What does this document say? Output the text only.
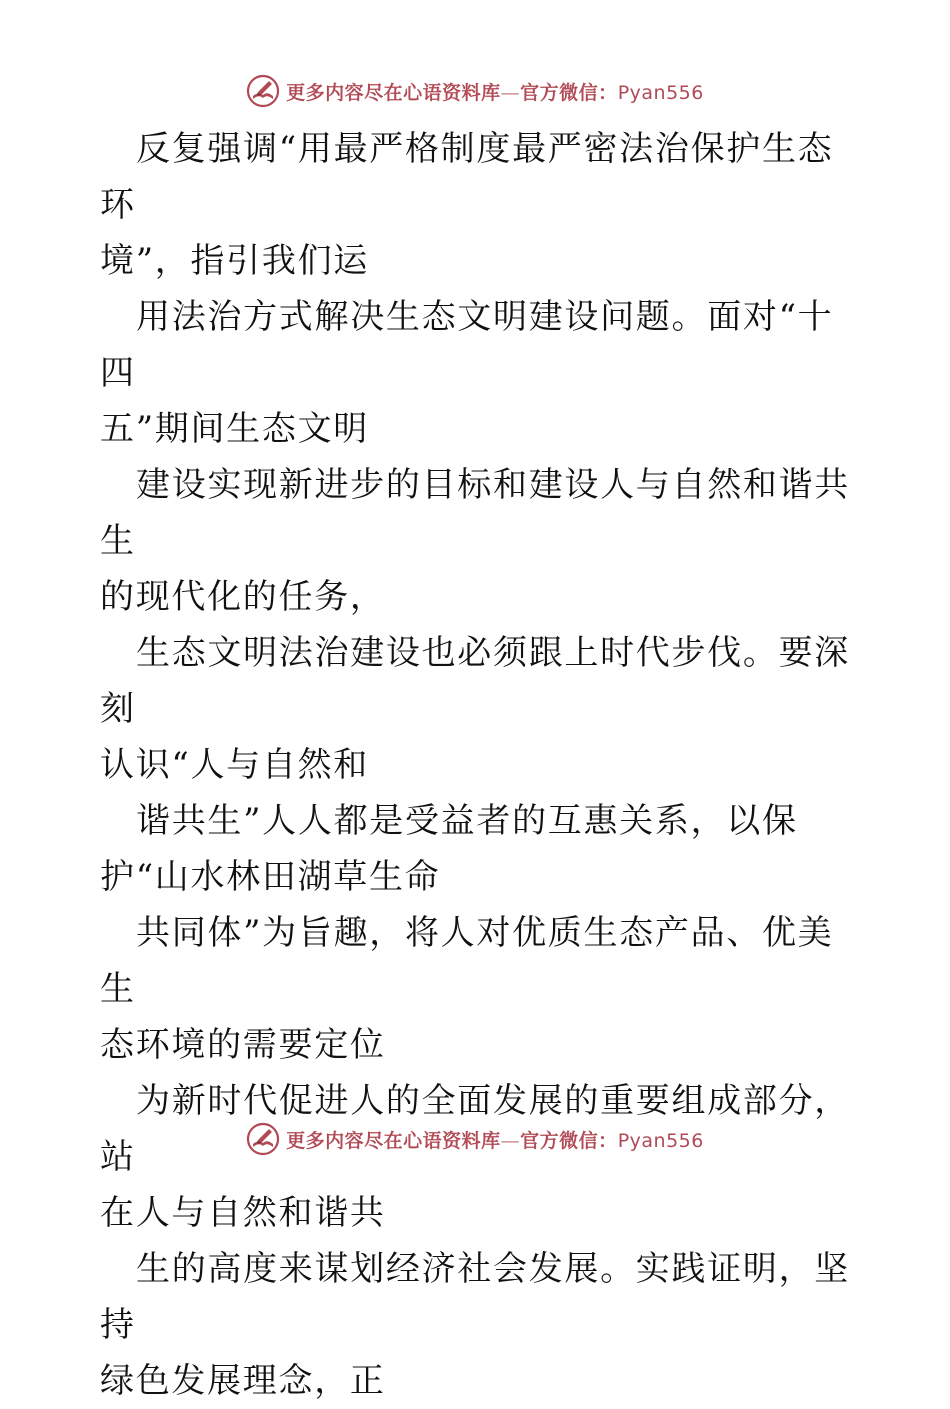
更多内容尽在心语资料库—官方微信：Pyan556

反复强调“用最严格制度最严密法治保护生态环
境”，指引我们运

用法治方式解决生态文明建设问题。面对“十四
五”期间生态文明

建设实现新进步的目标和建设人与自然和谐共生
的现代化的任务，

生态文明法治建设也必须跟上时代步伐。要深刻
认识“人与自然和

谐共生”人人都是受益者的互惠关系，以保
护“山水林田湖草生命

共同体”为旨趣，将人对优质生态产品、优美生
态环境的需要定位

为新时代促进人的全面发展的重要组成部分，站
在人与自然和谐共

生的高度来谋划经济社会发展。实践证明，坚持
绿色发展理念，正

更多内容尽在心语资料库—官方微信：Pyan556
